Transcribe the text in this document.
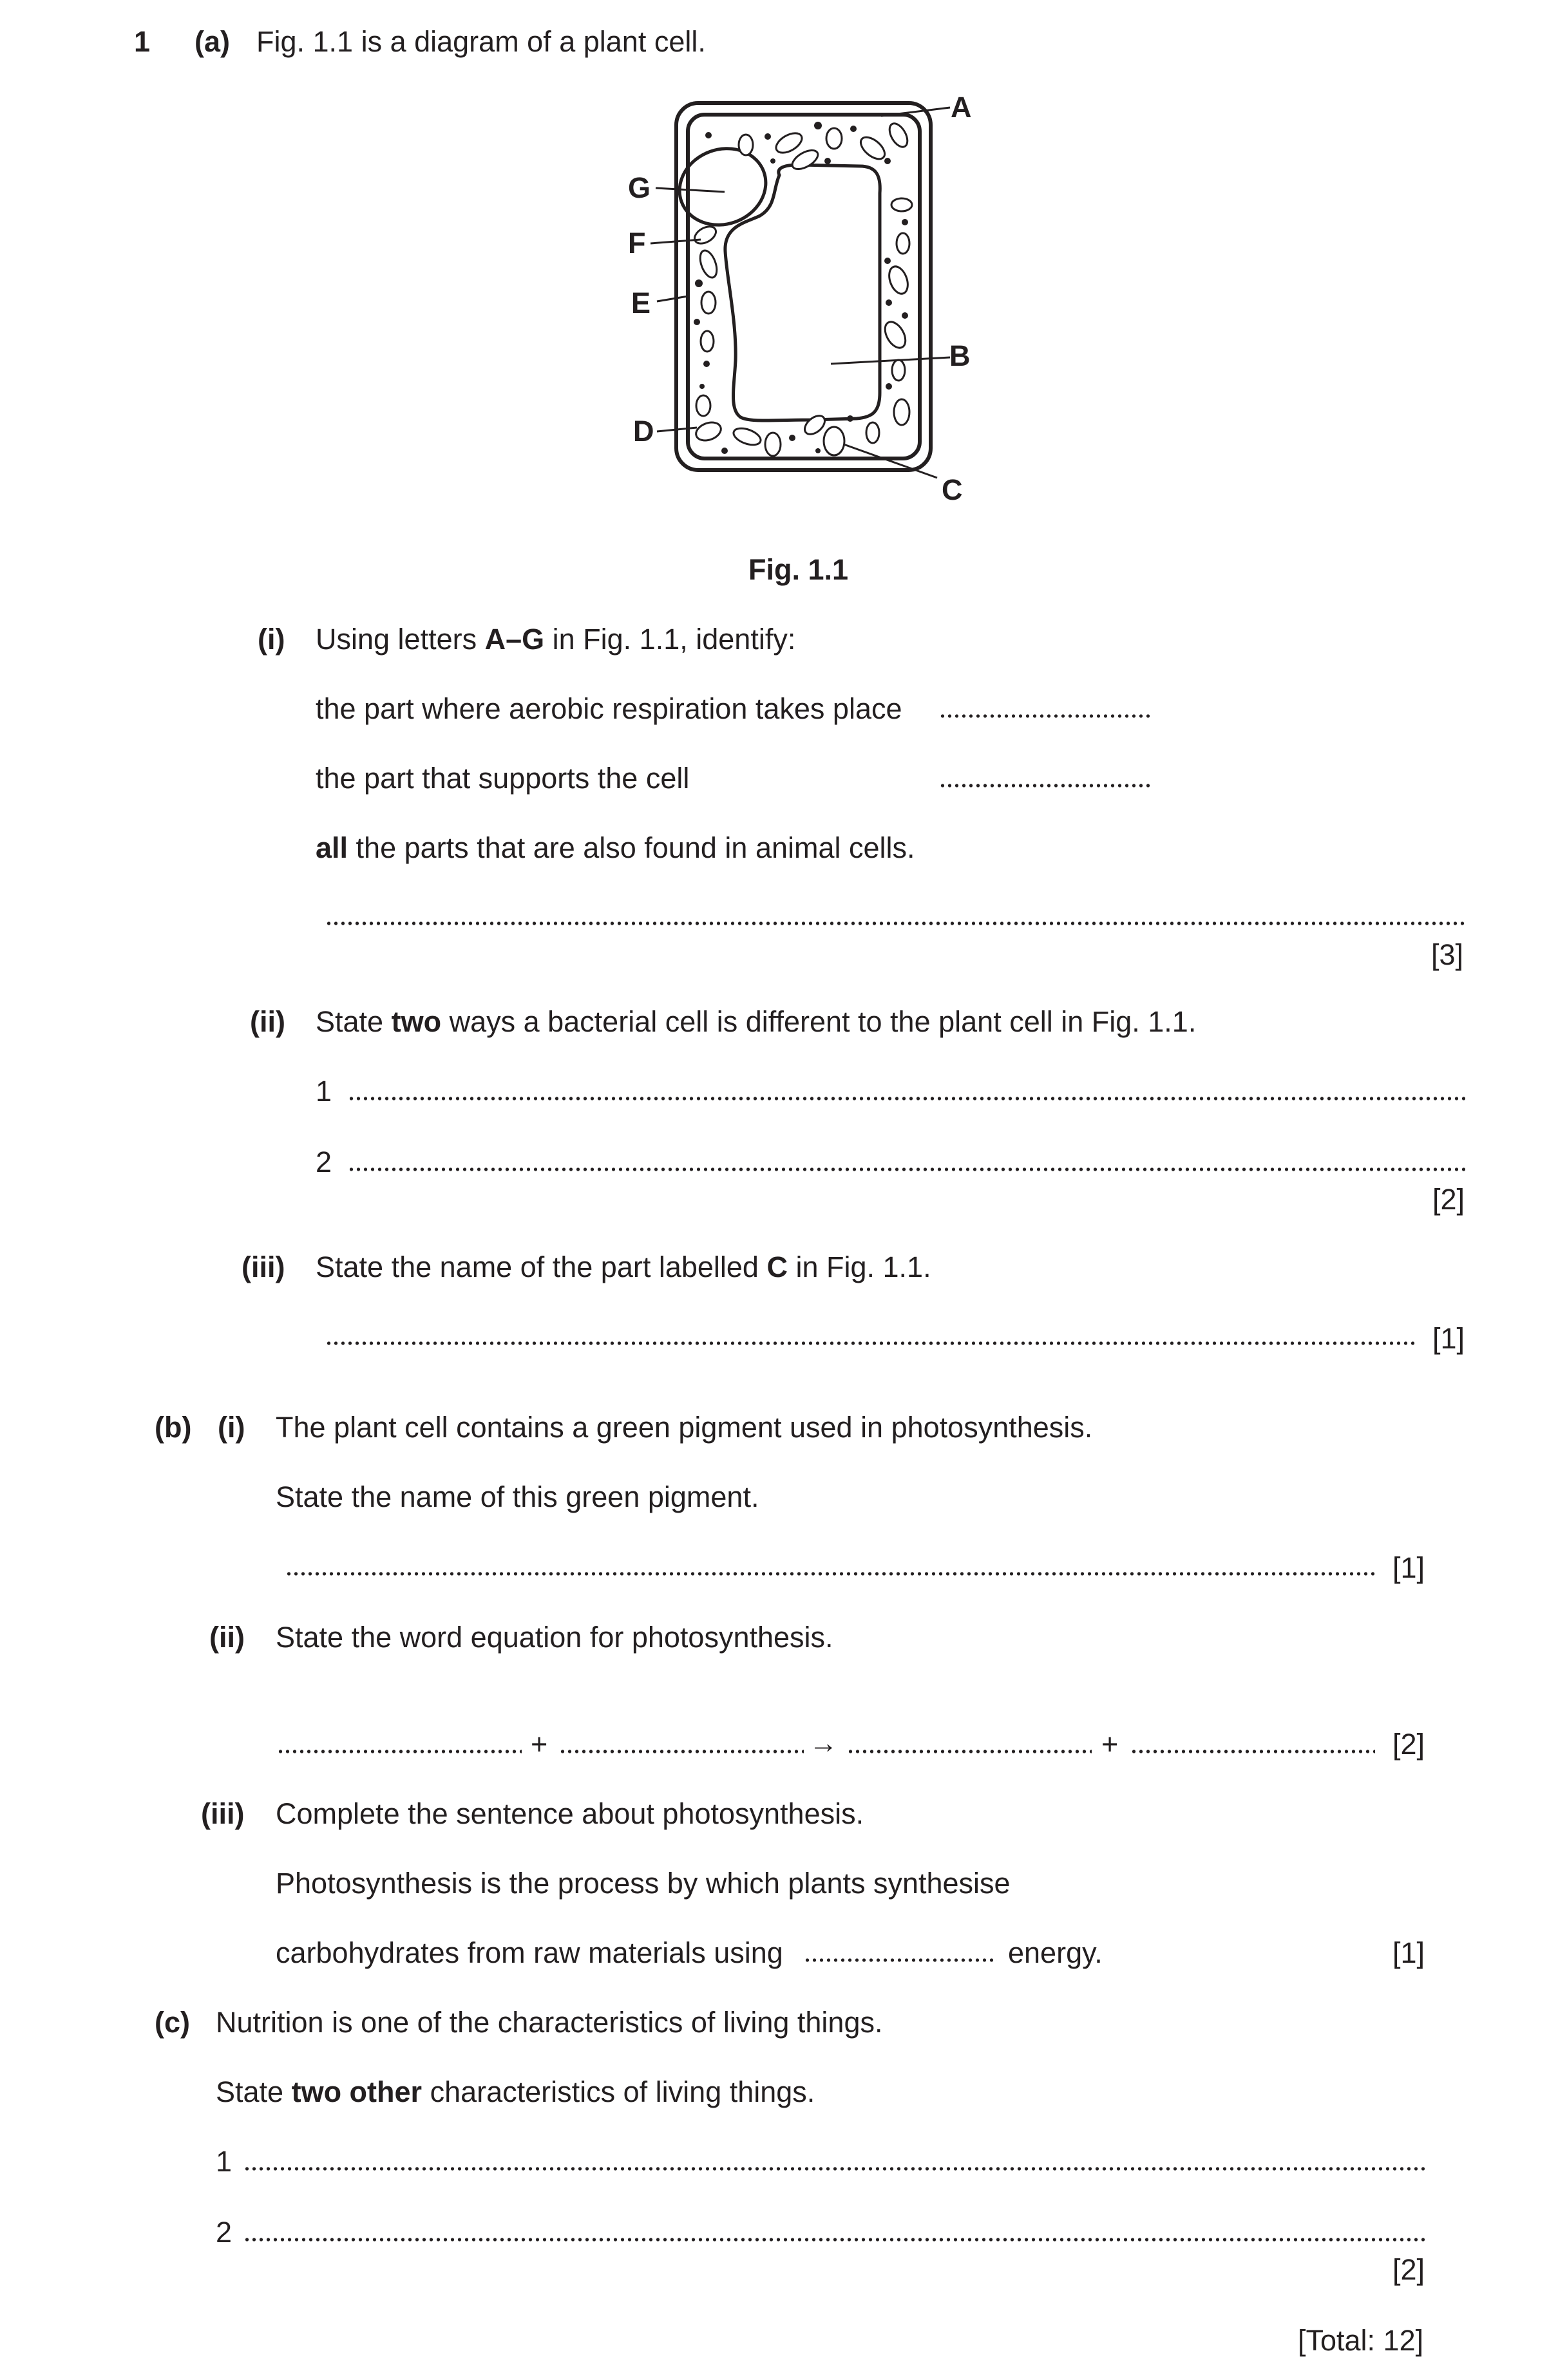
1 (a) Fig. 1.1 is a diagram of a plant cell.
A
B
C
D
E
F
G
Fig. 1.1
(i) Using letters A–G in Fig. 1.1, identify:
the part where aerobic respiration takes place
the part that supports the cell
all the parts that are also found in animal cells.
[3]
(ii) State two ways a bacterial cell is different to the plant cell in Fig. 1.1.
1
2
[2]
(iii) State the name of the part labelled C in Fig. 1.1.
[1]
(b) (i) The plant cell contains a green pigment used in photosynthesis.
State the name of this green pigment.
[1]
(ii) State the word equation for photosynthesis.
+	→	+	[2]
(iii) Complete the sentence about photosynthesis.
Photosynthesis is the process by which plants synthesise
carbohydrates from raw materials using	energy.	[1]
(c) Nutrition is one of the characteristics of living things.
State two other characteristics of living things.
1
2
[2]
[Total: 12]
